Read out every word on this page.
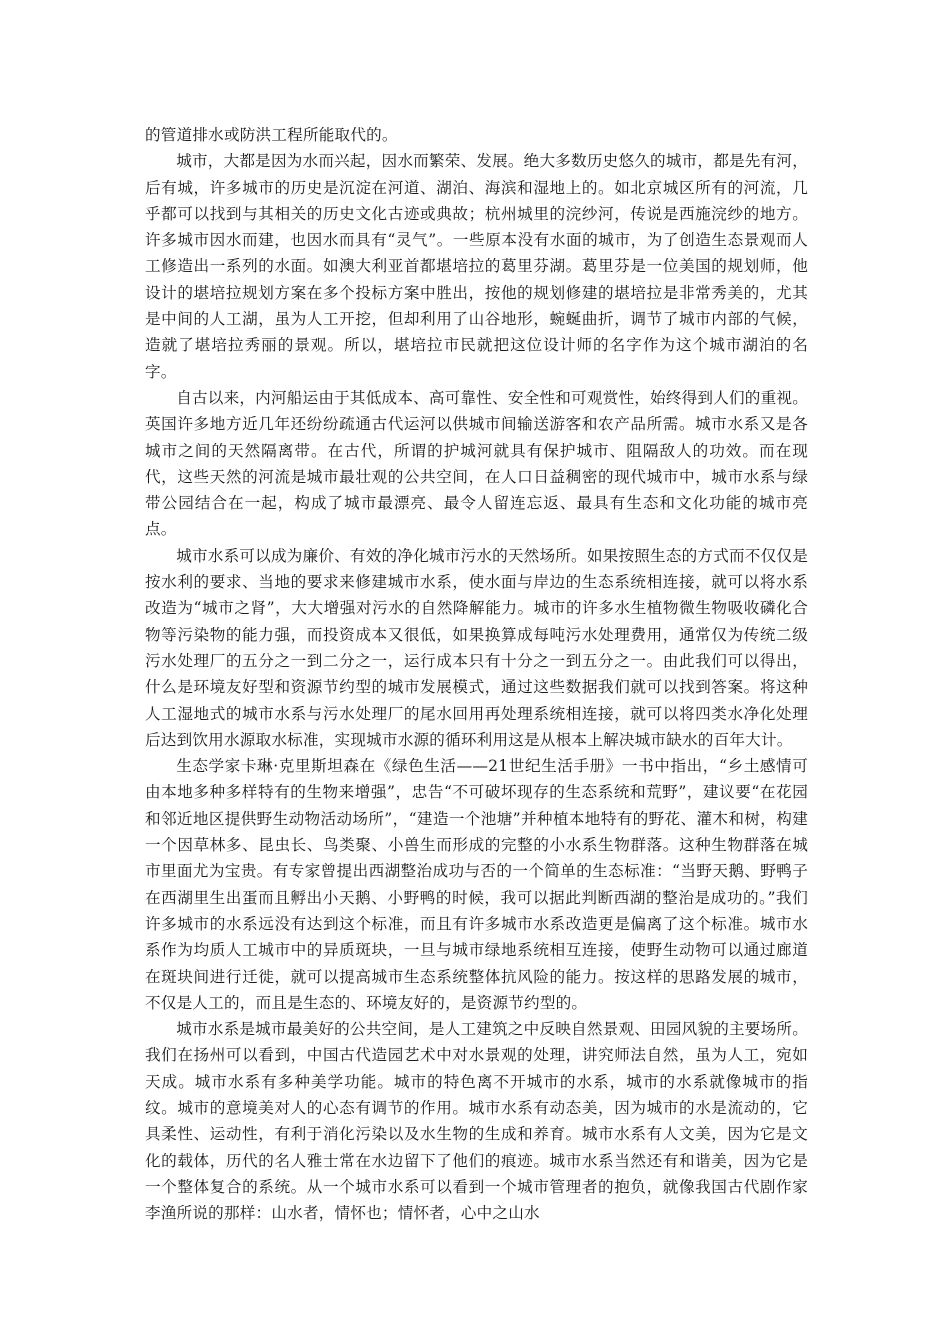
的管道排水或防洪工程所能取代的。

城市，大都是因为水而兴起，因水而繁荣、发展。绝大多数历史悠久的城市，都是先有河，后有城，许多城市的历史是沉淀在河道、湖泊、海滨和湿地上的。如北京城区所有的河流，几乎都可以找到与其相关的历史文化古迹或典故；杭州城里的浣纱河，传说是西施浣纱的地方。许多城市因水而建，也因水而具有“灵气”。一些原本没有水面的城市，为了创造生态景观而人工修造出一系列的水面。如澳大利亚首都堪培拉的葛里芬湖。葛里芬是一位美国的规划师，他设计的堪培拉规划方案在多个投标方案中胜出，按他的规划修建的堪培拉是非常秀美的，尤其是中间的人工湖，虽为人工开挖，但却利用了山谷地形，蜿蜒曲折，调节了城市内部的气候，造就了堪培拉秀丽的景观。所以，堪培拉市民就把这位设计师的名字作为这个城市湖泊的名字。

自古以来，内河船运由于其低成本、高可靠性、安全性和可观赏性，始终得到人们的重视。英国许多地方近几年还纷纷疏通古代运河以供城市间输送游客和农产品所需。城市水系又是各城市之间的天然隔离带。在古代，所谓的护城河就具有保护城市、阻隔敌人的功效。而在现代，这些天然的河流是城市最壮观的公共空间，在人口日益稠密的现代城市中，城市水系与绿带公园结合在一起，构成了城市最漂亮、最令人留连忘返、最具有生态和文化功能的城市亮点。

城市水系可以成为廉价、有效的净化城市污水的天然场所。如果按照生态的方式而不仅仅是按水利的要求、当地的要求来修建城市水系，使水面与岸边的生态系统相连接，就可以将水系改造为“城市之肾”，大大增强对污水的自然降解能力。城市的许多水生植物微生物吸收磷化合物等污染物的能力强，而投资成本又很低，如果换算成每吨污水处理费用，通常仅为传统二级污水处理厂的五分之一到二分之一，运行成本只有十分之一到五分之一。由此我们可以得出，什么是环境友好型和资源节约型的城市发展模式，通过这些数据我们就可以找到答案。将这种人工湿地式的城市水系与污水处理厂的尾水回用再处理系统相连接，就可以将四类水净化处理后达到饮用水源取水标准，实现城市水源的循环利用这是从根本上解决城市缺水的百年大计。

生态学家卡琳·克里斯坦森在《绿色生活——21世纪生活手册》一书中指出，“乡土感情可由本地多种多样特有的生物来增强”，忠告“不可破坏现存的生态系统和荒野”，建议要“在花园和邻近地区提供野生动物活动场所”，“建造一个池塘”并种植本地特有的野花、灌木和树，构建一个因草林多、昆虫长、鸟类聚、小兽生而形成的完整的小水系生物群落。这种生物群落在城市里面尤为宝贵。有专家曾提出西湖整治成功与否的一个简单的生态标准：“当野天鹅、野鸭子在西湖里生出蛋而且孵出小天鹅、小野鸭的时候，我可以据此判断西湖的整治是成功的。”我们许多城市的水系远没有达到这个标准，而且有许多城市水系改造更是偏离了这个标准。城市水系作为均质人工城市中的异质斑块，一旦与城市绿地系统相互连接，使野生动物可以通过廊道在斑块间进行迁徙，就可以提高城市生态系统整体抗风险的能力。按这样的思路发展的城市，不仅是人工的，而且是生态的、环境友好的，是资源节约型的。

城市水系是城市最美好的公共空间，是人工建筑之中反映自然景观、田园风貌的主要场所。我们在扬州可以看到，中国古代造园艺术中对水景观的处理，讲究师法自然，虽为人工，宛如天成。城市水系有多种美学功能。城市的特色离不开城市的水系，城市的水系就像城市的指纹。城市的意境美对人的心态有调节的作用。城市水系有动态美，因为城市的水是流动的，它具柔性、运动性，有利于消化污染以及水生物的生成和养育。城市水系有人文美，因为它是文化的载体，历代的名人雅士常在水边留下了他们的痕迹。城市水系当然还有和谐美，因为它是一个整体复合的系统。从一个城市水系可以看到一个城市管理者的抱负，就像我国古代剧作家李渔所说的那样：山水者，情怀也；情怀者，心中之山水
